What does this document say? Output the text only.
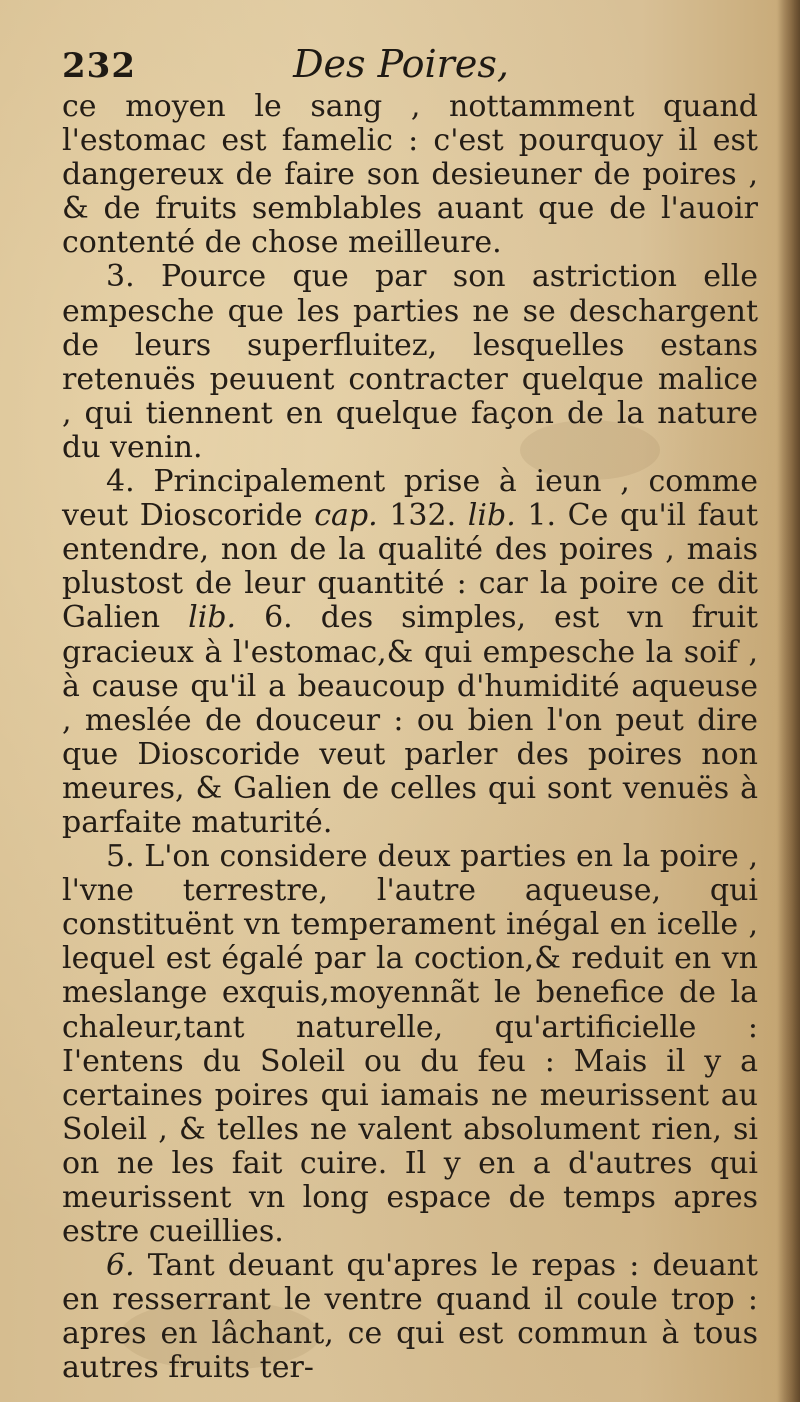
232	Des Poires,

ce moyen le sang , nottamment quand l'estomac est famelic : c'est pourquoy il est dangereux de faire son desieuner de poires , & de fruits semblables auant que de l'auoir contenté de chose meilleure.

3. Pource que par son astriction elle empesche que les parties ne se deschargent de leurs superfluitez, lesquelles estans retenuës peuuent contracter quelque malice , qui tiennent en quelque façon de la nature du venin.

4. Principalement prise à ieun , comme veut Dioscoride cap. 132. lib. 1. Ce qu'il faut entendre, non de la qualité des poires , mais plustost de leur quantité : car la poire ce dit Galien lib. 6. des simples, est vn fruit gracieux à l'estomac,& qui empesche la soif , à cause qu'il a beaucoup d'humidité aqueuse , meslée de douceur : ou bien l'on peut dire que Dioscoride veut parler des poires non meures, & Galien de celles qui sont venuës à parfaite maturité.

5. L'on considere deux parties en la poire , l'vne terrestre, l'autre aqueuse, qui constituënt vn temperament inégal en icelle , lequel est égalé par la coction,& reduit en vn meslange exquis,moyennãt le benefice de la chaleur,tant naturelle, qu'artificielle : I'entens du Soleil ou du feu : Mais il y a certaines poires qui iamais ne meurissent au Soleil , & telles ne valent absolument rien, si on ne les fait cuire. Il y en a d'autres qui meurissent vn long espace de temps apres estre cueillies.

6. Tant deuant qu'apres le repas : deuant en resserrant le ventre quand il coule trop : apres en lâchant, ce qui est commun à tous autres fruits ter-
